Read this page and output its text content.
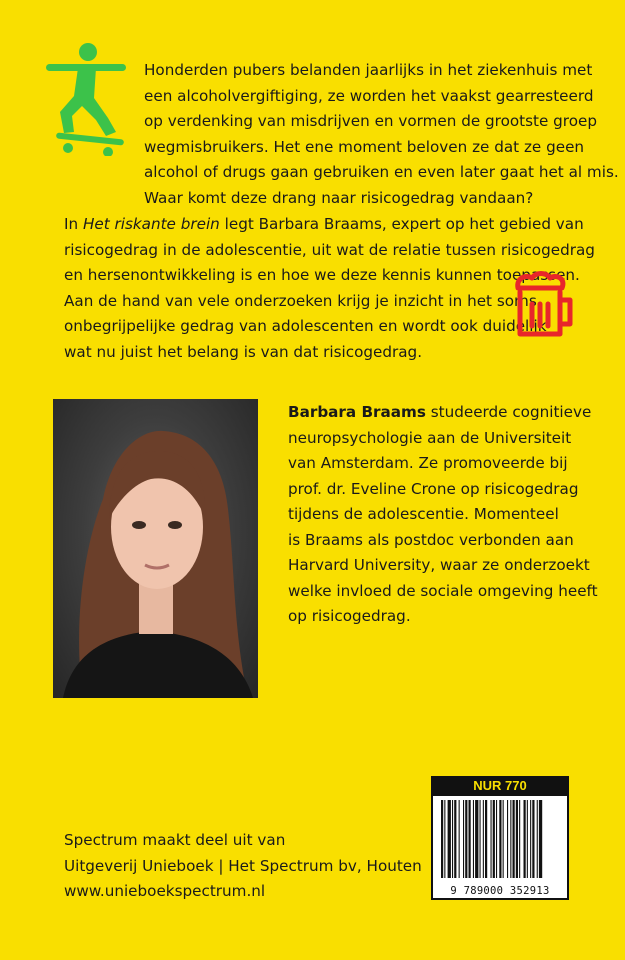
Honderden pubers belanden jaarlijks in het ziekenhuis met
een alcoholvergiftiging, ze worden het vaakst gearresteerd
op verdenking van misdrijven en vormen de grootste groep
wegmisbruikers. Het ene moment beloven ze dat ze geen
alcohol of drugs gaan gebruiken en even later gaat het al mis.
Waar komt deze drang naar risicogedrag vandaan?

In Het riskante brein legt Barbara Braams, expert op het gebied van
risicogedrag in de adolescentie, uit wat de relatie tussen risicogedrag
en hersenontwikkeling is en hoe we deze kennis kunnen toepassen.
Aan de hand van vele onderzoeken krijg je inzicht in het soms
onbegrijpelijke gedrag van adolescenten en wordt ook duidelijk
wat nu juist het belang is van dat risicogedrag.

Barbara Braams studeerde cognitieve
neuropsychologie aan de Universiteit
van Amsterdam. Ze promoveerde bij
prof. dr. Eveline Crone op risicogedrag
tijdens de adolescentie. Momenteel
is Braams als postdoc verbonden aan
Harvard University, waar ze onderzoekt
welke invloed de sociale omgeving heeft
op risicogedrag.

NUR 770
9 789000 352913

Spectrum maakt deel uit van
Uitgeverij Unieboek | Het Spectrum bv, Houten
www.unieboekspectrum.nl
